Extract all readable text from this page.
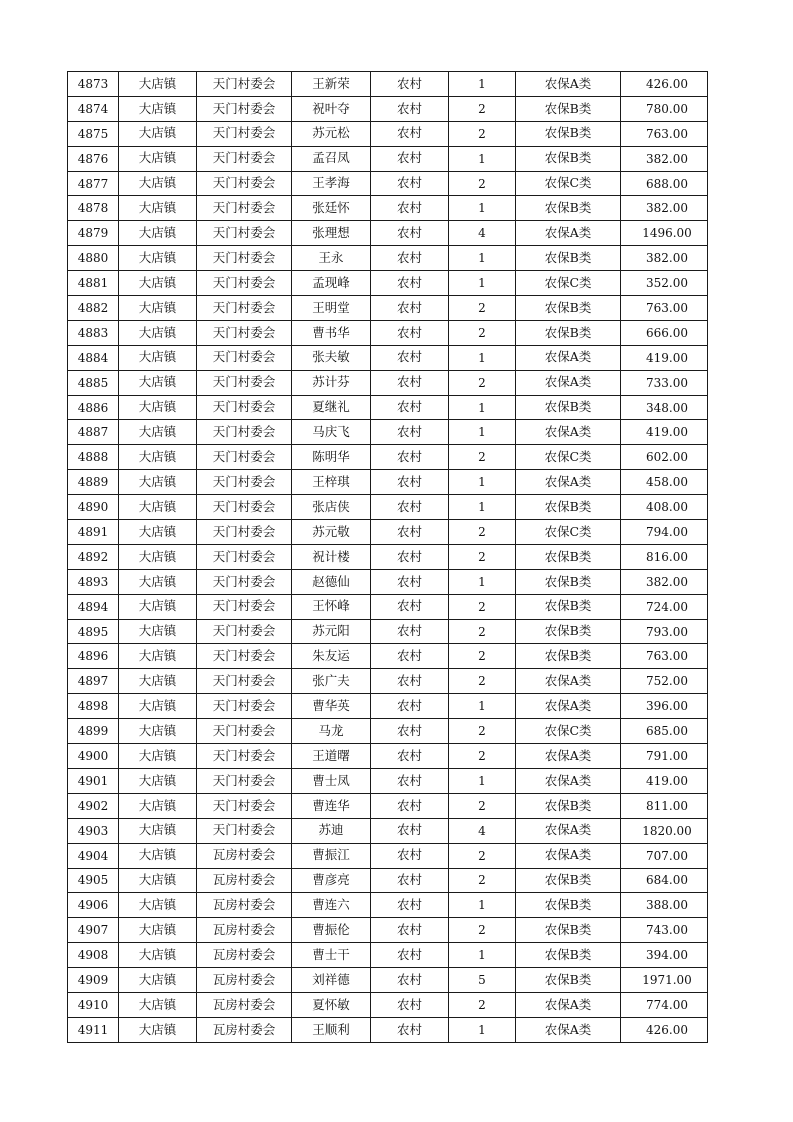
4873	大店镇	天门村委会	王新荣	农村	1	农保A类	426.00
4874	大店镇	天门村委会	祝叶夺	农村	2	农保B类	780.00
4875	大店镇	天门村委会	苏元松	农村	2	农保B类	763.00
4876	大店镇	天门村委会	孟召凤	农村	1	农保B类	382.00
4877	大店镇	天门村委会	王孝海	农村	2	农保C类	688.00
4878	大店镇	天门村委会	张廷怀	农村	1	农保B类	382.00
4879	大店镇	天门村委会	张理想	农村	4	农保A类	1496.00
4880	大店镇	天门村委会	王永	农村	1	农保B类	382.00
4881	大店镇	天门村委会	孟现峰	农村	1	农保C类	352.00
4882	大店镇	天门村委会	王明堂	农村	2	农保B类	763.00
4883	大店镇	天门村委会	曹书华	农村	2	农保B类	666.00
4884	大店镇	天门村委会	张夫敏	农村	1	农保A类	419.00
4885	大店镇	天门村委会	苏计芬	农村	2	农保A类	733.00
4886	大店镇	天门村委会	夏继礼	农村	1	农保B类	348.00
4887	大店镇	天门村委会	马庆飞	农村	1	农保A类	419.00
4888	大店镇	天门村委会	陈明华	农村	2	农保C类	602.00
4889	大店镇	天门村委会	王梓琪	农村	1	农保A类	458.00
4890	大店镇	天门村委会	张店侠	农村	1	农保B类	408.00
4891	大店镇	天门村委会	苏元敬	农村	2	农保C类	794.00
4892	大店镇	天门村委会	祝计楼	农村	2	农保B类	816.00
4893	大店镇	天门村委会	赵德仙	农村	1	农保B类	382.00
4894	大店镇	天门村委会	王怀峰	农村	2	农保B类	724.00
4895	大店镇	天门村委会	苏元阳	农村	2	农保B类	793.00
4896	大店镇	天门村委会	朱友运	农村	2	农保B类	763.00
4897	大店镇	天门村委会	张广夫	农村	2	农保A类	752.00
4898	大店镇	天门村委会	曹华英	农村	1	农保A类	396.00
4899	大店镇	天门村委会	马龙	农村	2	农保C类	685.00
4900	大店镇	天门村委会	王道曙	农村	2	农保A类	791.00
4901	大店镇	天门村委会	曹士凤	农村	1	农保A类	419.00
4902	大店镇	天门村委会	曹连华	农村	2	农保B类	811.00
4903	大店镇	天门村委会	苏迪	农村	4	农保A类	1820.00
4904	大店镇	瓦房村委会	曹振江	农村	2	农保A类	707.00
4905	大店镇	瓦房村委会	曹彦亮	农村	2	农保B类	684.00
4906	大店镇	瓦房村委会	曹连六	农村	1	农保B类	388.00
4907	大店镇	瓦房村委会	曹振伦	农村	2	农保B类	743.00
4908	大店镇	瓦房村委会	曹士干	农村	1	农保B类	394.00
4909	大店镇	瓦房村委会	刘祥德	农村	5	农保B类	1971.00
4910	大店镇	瓦房村委会	夏怀敏	农村	2	农保A类	774.00
4911	大店镇	瓦房村委会	王顺利	农村	1	农保A类	426.00
